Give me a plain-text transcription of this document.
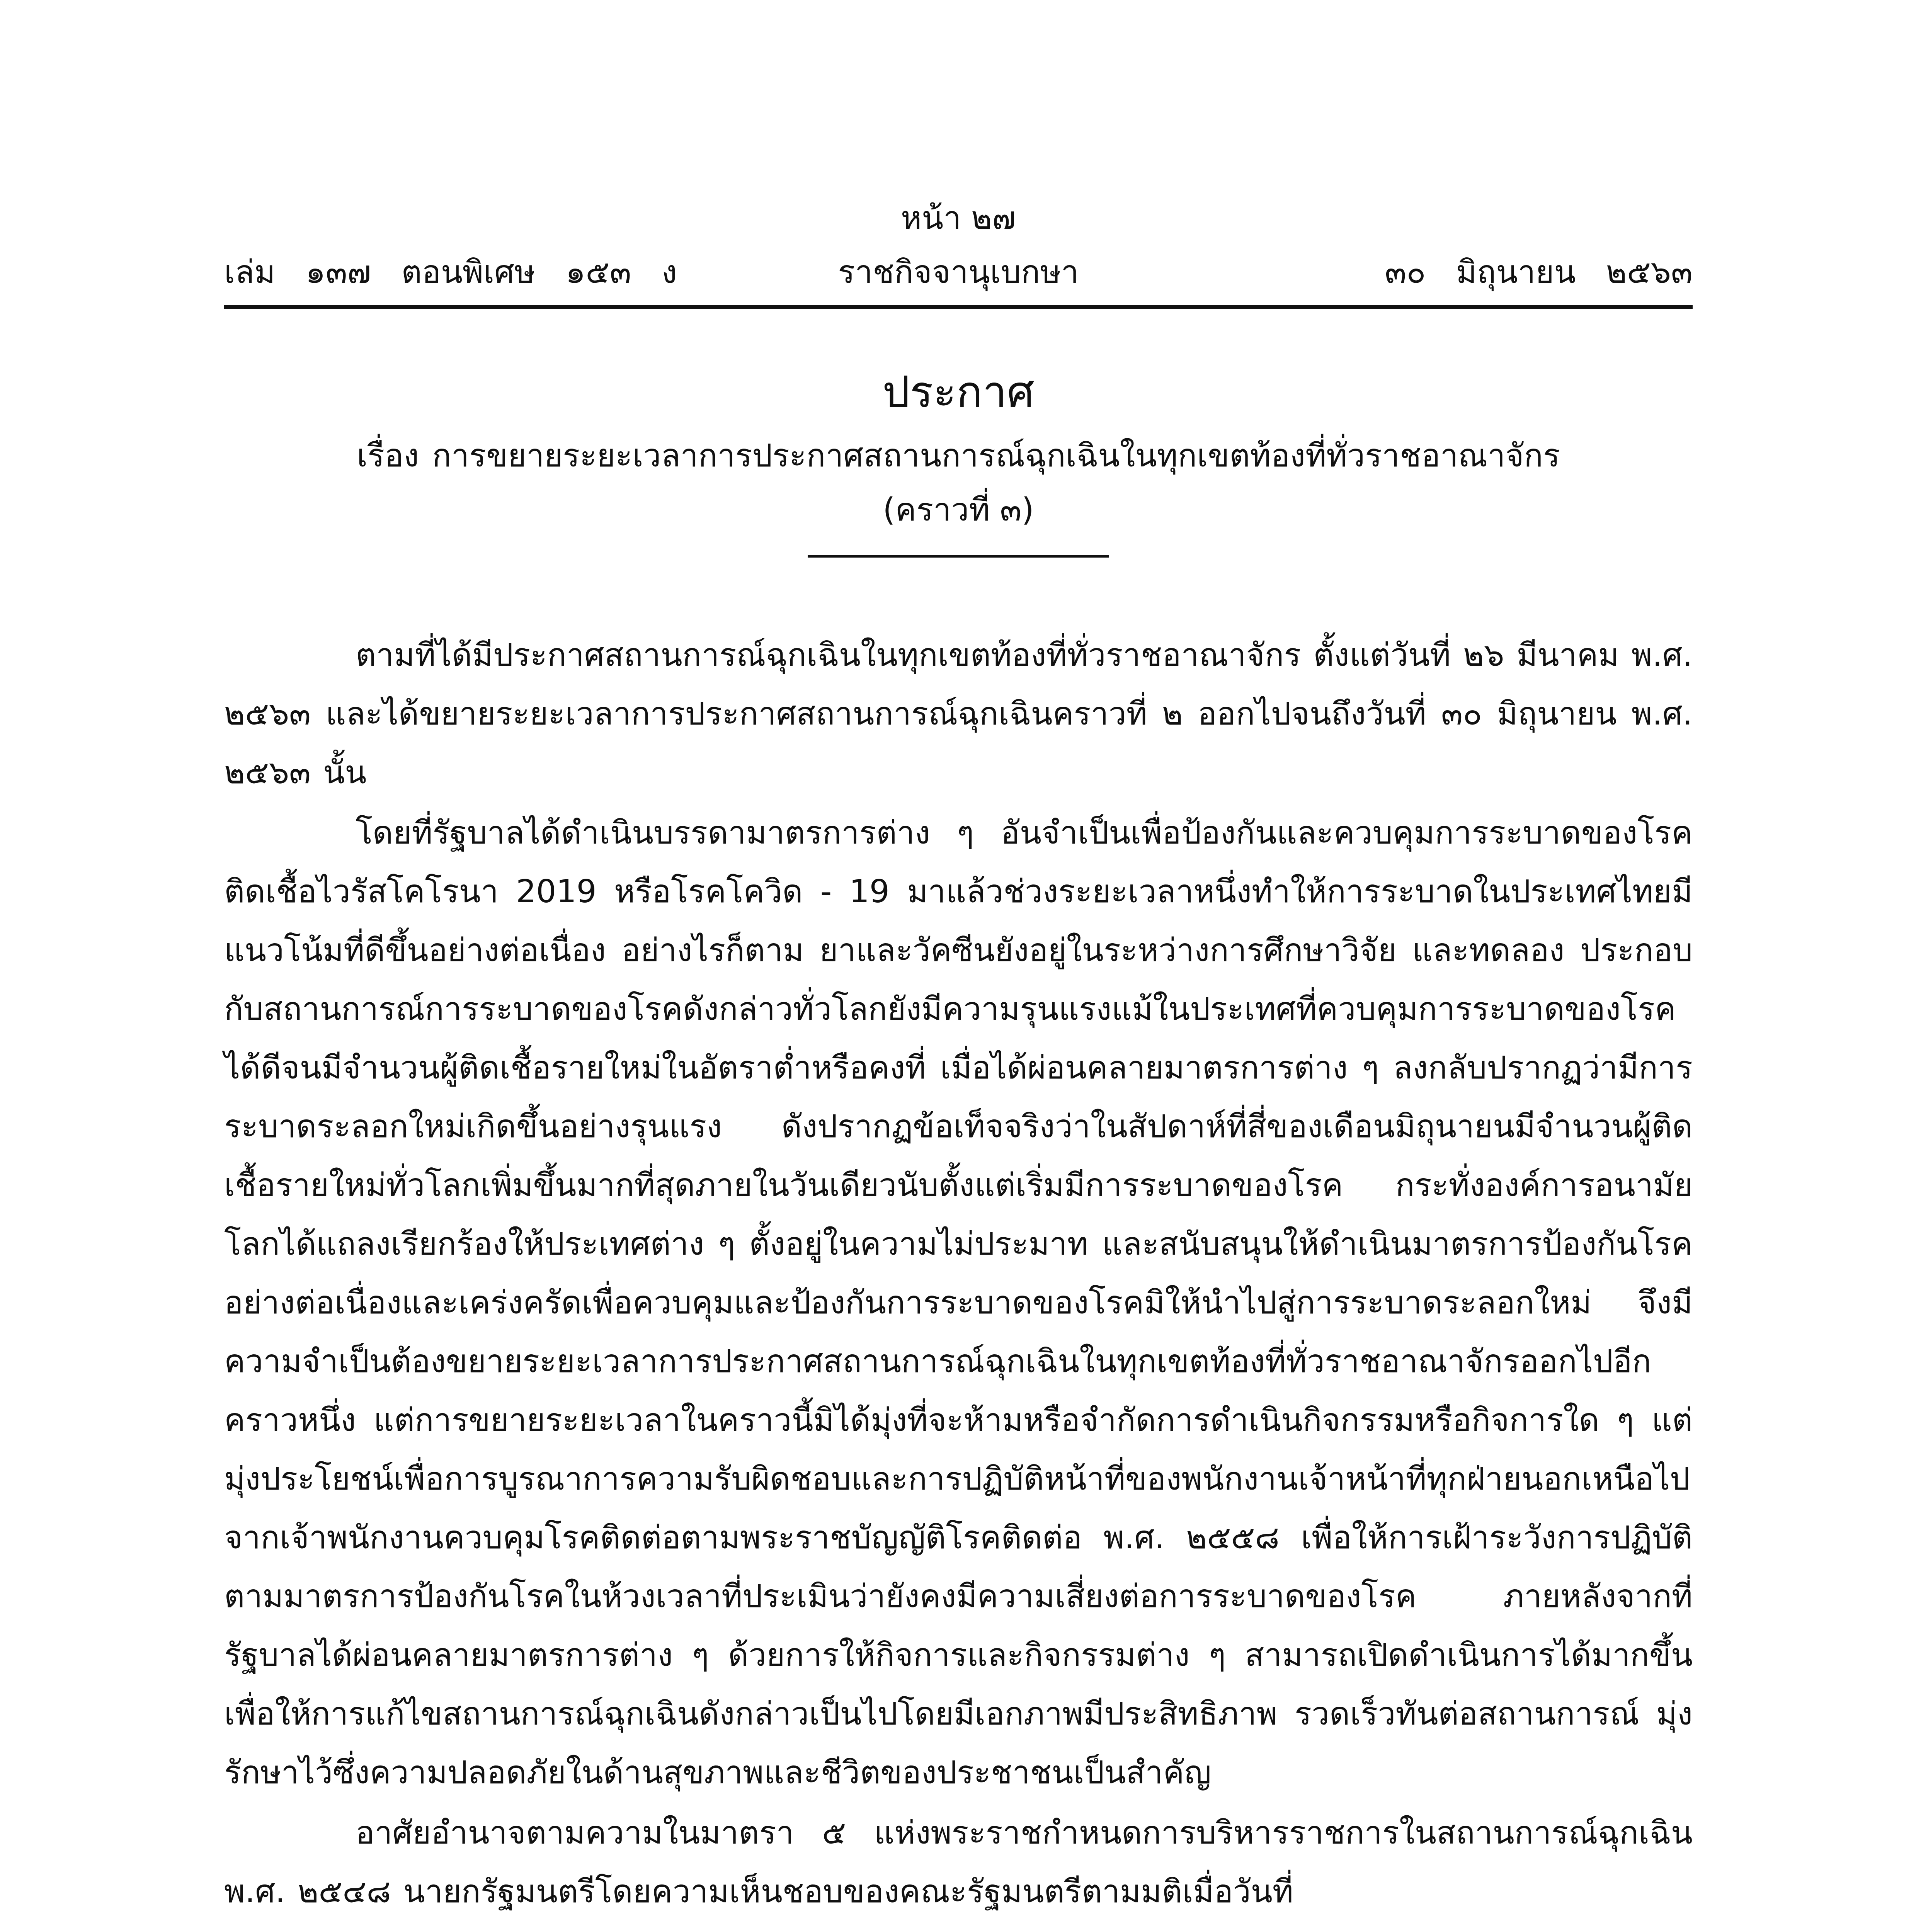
หน้า ๒๗
เล่ม   ๑๓๗   ตอนพิเศษ   ๑๕๓   ง	ราชกิจจานุเบกษา	๓๐   มิถุนายน   ๒๕๖๓
ประกาศ
เรื่อง การขยายระยะเวลาการประกาศสถานการณ์ฉุกเฉินในทุกเขตท้องที่ทั่วราชอาณาจักร
(คราวที่ ๓)

ตามที่ได้มีประกาศสถานการณ์ฉุกเฉินในทุกเขตท้องที่ทั่วราชอาณาจักร ตั้งแต่วันที่ ๒๖ มีนาคม พ.ศ. ๒๕๖๓ และได้ขยายระยะเวลาการประกาศสถานการณ์ฉุกเฉินคราวที่ ๒ ออกไปจนถึงวันที่ ๓๐ มิถุนายน พ.ศ. ๒๕๖๓ นั้น

โดยที่รัฐบาลได้ดำเนินบรรดามาตรการต่าง ๆ อันจำเป็นเพื่อป้องกันและควบคุมการระบาดของโรคติดเชื้อไวรัสโคโรนา 2019 หรือโรคโควิด - 19 มาแล้วช่วงระยะเวลาหนึ่งทำให้การระบาดในประเทศไทยมีแนวโน้มที่ดีขึ้นอย่างต่อเนื่อง อย่างไรก็ตาม ยาและวัคซีนยังอยู่ในระหว่างการศึกษาวิจัย และทดลอง ประกอบกับสถานการณ์การระบาดของโรคดังกล่าวทั่วโลกยังมีความรุนแรงแม้ในประเทศที่ควบคุมการระบาดของโรคได้ดีจนมีจำนวนผู้ติดเชื้อรายใหม่ในอัตราต่ำหรือคงที่ เมื่อได้ผ่อนคลายมาตรการต่าง ๆ ลงกลับปรากฏว่ามีการระบาดระลอกใหม่เกิดขึ้นอย่างรุนแรง ดังปรากฏข้อเท็จจริงว่าในสัปดาห์ที่สี่ของเดือนมิถุนายนมีจำนวนผู้ติดเชื้อรายใหม่ทั่วโลกเพิ่มขึ้นมากที่สุดภายในวันเดียวนับตั้งแต่เริ่มมีการระบาดของโรค กระทั่งองค์การอนามัยโลกได้แถลงเรียกร้องให้ประเทศต่าง ๆ ตั้งอยู่ในความไม่ประมาท และสนับสนุนให้ดำเนินมาตรการป้องกันโรคอย่างต่อเนื่องและเคร่งครัดเพื่อควบคุมและป้องกันการระบาดของโรคมิให้นำไปสู่การระบาดระลอกใหม่ จึงมีความจำเป็นต้องขยายระยะเวลาการประกาศสถานการณ์ฉุกเฉินในทุกเขตท้องที่ทั่วราชอาณาจักรออกไปอีกคราวหนึ่ง แต่การขยายระยะเวลาในคราวนี้มิได้มุ่งที่จะห้ามหรือจำกัดการดำเนินกิจกรรมหรือกิจการใด ๆ แต่มุ่งประโยชน์เพื่อการบูรณาการความรับผิดชอบและการปฏิบัติหน้าที่ของพนักงานเจ้าหน้าที่ทุกฝ่ายนอกเหนือไปจากเจ้าพนักงานควบคุมโรคติดต่อตามพระราชบัญญัติโรคติดต่อ พ.ศ. ๒๕๕๘ เพื่อให้การเฝ้าระวังการปฏิบัติตามมาตรการป้องกันโรคในห้วงเวลาที่ประเมินว่ายังคงมีความเสี่ยงต่อการระบาดของโรค ภายหลังจากที่รัฐบาลได้ผ่อนคลายมาตรการต่าง ๆ ด้วยการให้กิจการและกิจกรรมต่าง ๆ สามารถเปิดดำเนินการได้มากขึ้น เพื่อให้การแก้ไขสถานการณ์ฉุกเฉินดังกล่าวเป็นไปโดยมีเอกภาพมีประสิทธิภาพ รวดเร็วทันต่อสถานการณ์ มุ่งรักษาไว้ซึ่งความปลอดภัยในด้านสุขภาพและชีวิตของประชาชนเป็นสำคัญ

อาศัยอำนาจตามความในมาตรา ๕ แห่งพระราชกำหนดการบริหารราชการในสถานการณ์ฉุกเฉิน พ.ศ. ๒๕๔๘ นายกรัฐมนตรีโดยความเห็นชอบของคณะรัฐมนตรีตามมติเมื่อวันที่
